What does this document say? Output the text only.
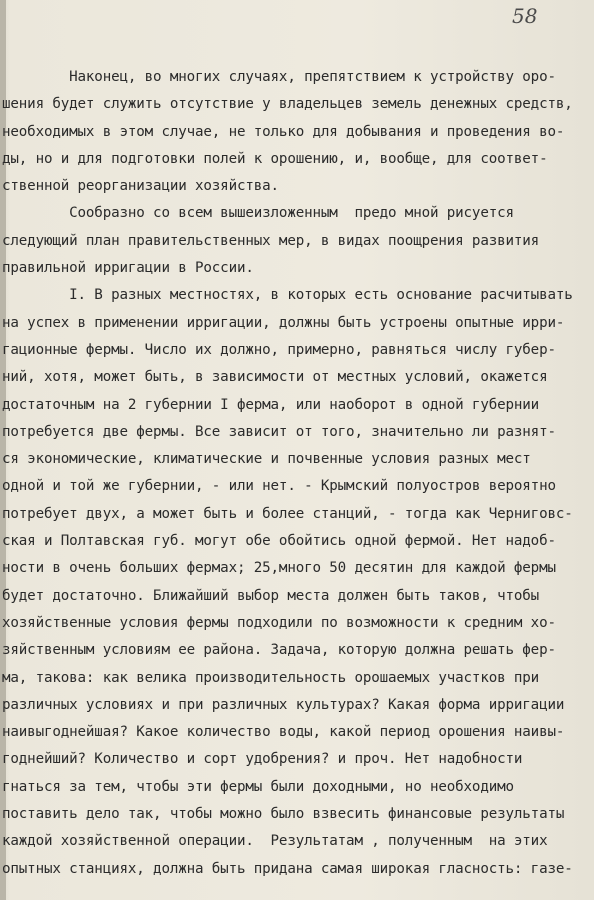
58
Наконец, во многих случаях, препятствием к устройству оро-
шения будет служить отсутствие у владельцев земель денежных средств,
необходимых в этом случае, не только для добывания и проведения во-
ды, но и для подготовки полей к орошению, и, вообще, для соответ-
ственной реорганизации хозяйства.
Сообразно со всем вышеизложенным  предо мной рисуется
следующий план правительственных мер, в видах поощрения развития
правильной ирригации в России.
I. В разных местностях, в которых есть основание расчитывать
на успех в применении ирригации, должны быть устроены опытные ирри-
гационные фермы. Число их должно, примерно, равняться числу губер-
ний, хотя, может быть, в зависимости от местных условий, окажется
достаточным на 2 губернии I ферма, или наоборот в одной губернии
потребуется две фермы. Все зависит от того, значительно ли разнят-
ся экономические, климатические и почвенные условия разных мест
одной и той же губернии, - или нет. - Крымский полуостров вероятно
потребует двух, а может быть и более станций, - тогда как Черниговс-
ская и Полтавская губ. могут обе обойтись одной фермой. Нет надоб-
ности в очень больших фермах; 25,много 50 десятин для каждой фермы
будет достаточно. Ближайший выбор места должен быть таков, чтобы
хозяйственные условия фермы подходили по возможности к средним хо-
зяйственным условиям ее района. Задача, которую должна решать фер-
ма, такова: как велика производительность орошаемых участков при
различных условиях и при различных культурах? Какая форма ирригации
наивыгоднейшая? Какое количество воды, какой период орошения наивы-
годнейший? Количество и сорт удобрения? и проч. Нет надобности
гнаться за тем, чтобы эти фермы были доходными, но необходимо
поставить дело так, чтобы можно было взвесить финансовые результаты
каждой хозяйственной операции.  Результатам , полученным  на этих
опытных станциях, должна быть придана самая широкая гласность: газе-
